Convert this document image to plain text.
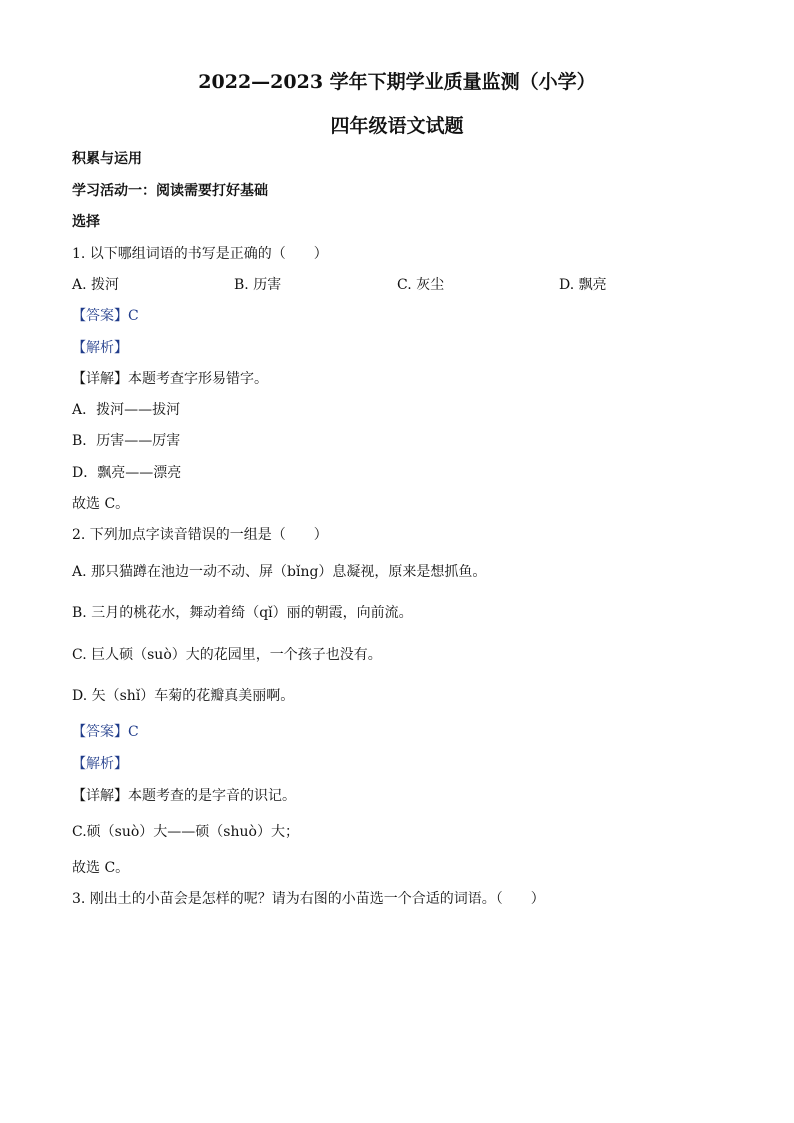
2022—2023 学年下期学业质量监测（小学）
四年级语文试题
积累与运用
学习活动一：阅读需要打好基础
选择
1. 以下哪组词语的书写是正确的（　　）
A. 拨河	B. 历害	C. 灰尘	D. 飘亮
【答案】C
【解析】
【详解】本题考查字形易错字。
A．拨河——拔河
B．历害——厉害
D．飘亮——漂亮
故选 C。
2. 下列加点字读音错误的一组是（　　）
A. 那只猫蹲在池边一动不动、屏（bǐng）息凝视，原来是想抓鱼。
B. 三月的桃花水，舞动着绮（qǐ）丽的朝霞，向前流。
C. 巨人硕（suò）大的花园里，一个孩子也没有。
D. 矢（shǐ）车菊的花瓣真美丽啊。
【答案】C
【解析】
【详解】本题考查的是字音的识记。
C.硕（suò）大——硕（shuò）大；
故选 C。
3. 刚出土的小苗会是怎样的呢？请为右图的小苗选一个合适的词语。（　　）
